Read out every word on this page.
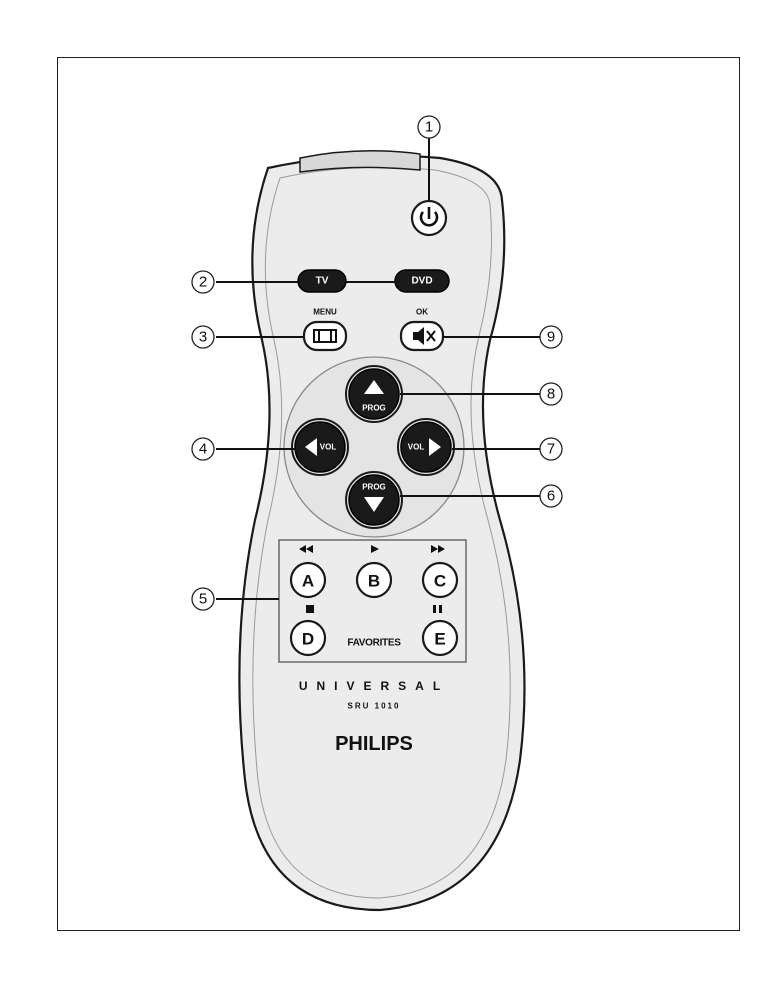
TV	DVD
MENU	OK
PROG
PROG
VOL	VOL
A	B	C
D	E
FAVORITES
UNIVERSAL
SRU 1010
PHILIPS
1
2
3
4
5
6
7
8
9
